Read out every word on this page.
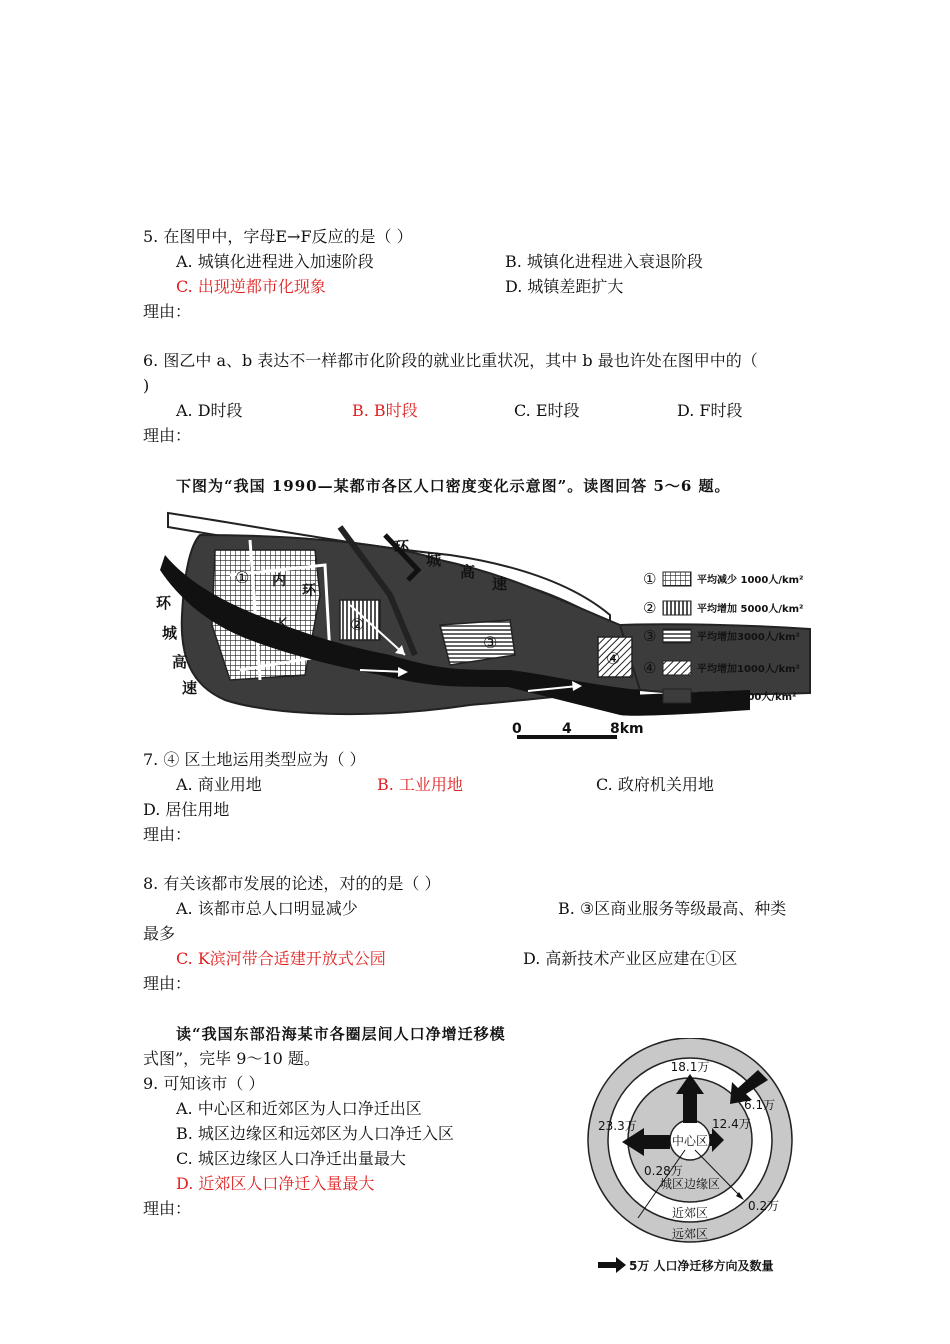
5. 在图甲中，字母E→F反应的是（ ）
A. 城镇化进程进入加速阶段	B. 城镇化进程进入衰退阶段
C. 出现逆都市化现象	D. 城镇差距扩大
理由：
6. 图乙中 a、b 表达不一样都市化阶段的就业比重状况，其中 b 最也许处在图甲中的（
)
A. D时段	B. B时段	C. E时段	D. F时段
理由：
下图为“我国 1990—某都市各区人口密度变化示意图”。读图回答 5～6 题。
①
②
③
④
内
环
K
环
城
高
速
环
城
高
速
①	平均减少 1000人/km²
②	平均增加 5000人/km²
③	平均增加3000人/km²
④	平均增加1000人/km²
平均增加 500人/km²
0	4	8km
7. ④ 区土地运用类型应为（ ）
A. 商业用地	B. 工业用地	C. 政府机关用地
D. 居住用地
理由：
8. 有关该都市发展的论述，对的的是（ ）
A. 该都市总人口明显减少	B. ③区商业服务等级最高、种类
最多
C. K滨河带合适建开放式公园	D. 高新技术产业区应建在①区
理由：
读“我国东部沿海某市各圈层间人口净增迁移模
式图”，完毕 9～10 题。
9. 可知该市（ ）
A. 中心区和近郊区为人口净迁出区
B. 城区边缘区和远郊区为人口净迁入区
C. 城区边缘区人口净迁出量最大
D. 近郊区人口净迁入量最大
理由：
中心区
城区边缘区
近郊区
远郊区
18.1万
23.3万	12.4万
6.1万
0.28万
0.2万
5万 人口净迁移方向及数量
